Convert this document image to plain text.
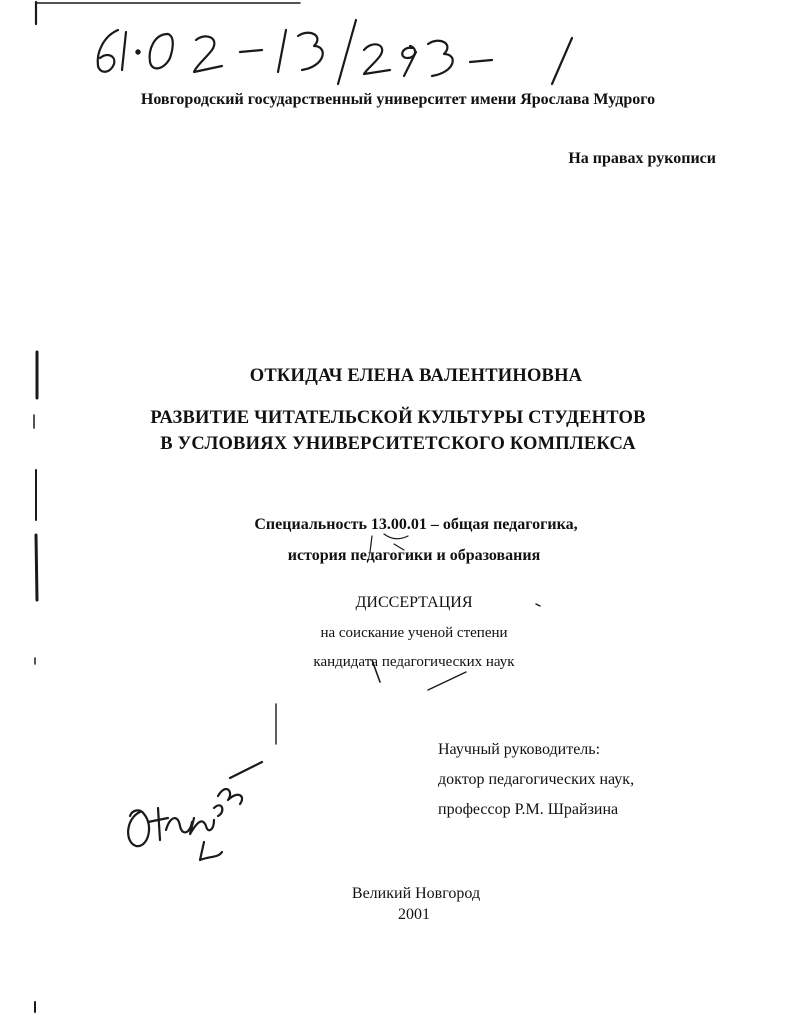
Новгородский государственный университет имени Ярослава Мудрого
На правах рукописи
ОТКИДАЧ ЕЛЕНА ВАЛЕНТИНОВНА
РАЗВИТИЕ ЧИТАТЕЛЬСКОЙ КУЛЬТУРЫ СТУДЕНТОВ
В УСЛОВИЯХ УНИВЕРСИТЕТСКОГО КОМПЛЕКСА
Специальность 13.00.01 – общая педагогика,
история педагогики и образования
ДИССЕРТАЦИЯ
на соискание ученой степени
кандидата педагогических наук
Научный руководитель:
доктор педагогических наук,
профессор Р.М. Шрайзина
Великий Новгород
2001
